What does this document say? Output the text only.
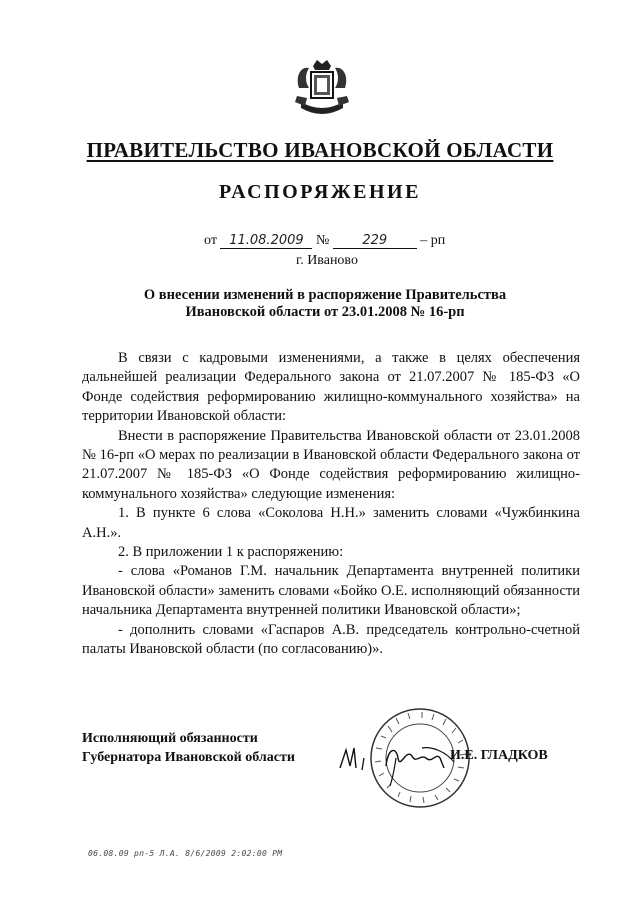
ПРАВИТЕЛЬСТВО ИВАНОВСКОЙ ОБЛАСТИ
РАСПОРЯЖЕНИЕ
от 11.08.2009 №	229 – рп
г. Иваново
О внесении изменений в распоряжение Правительства
Ивановской области от 23.01.2008 № 16-рп

В связи с кадровыми изменениями, а также в целях обеспечения дальнейшей реализации Федерального закона от 21.07.2007 № 185-ФЗ «О Фонде содействия реформированию жилищно-коммунального хозяйства» на территории Ивановской области:

Внести в распоряжение Правительства Ивановской области от 23.01.2008 № 16-рп «О мерах по реализации в Ивановской области Федерального закона от 21.07.2007 № 185-ФЗ «О Фонде содействия реформированию жилищно-коммунального хозяйства» следующие изменения:

1. В пункте 6 слова «Соколова Н.Н.» заменить словами «Чужбинкина А.Н.».

2. В приложении 1 к распоряжению:

- слова «Романов Г.М. начальник Департамента внутренней политики Ивановской области» заменить словами «Бойко О.Е. исполняющий обязанности начальника Департамента внутренней политики Ивановской области»;

- дополнить словами «Гаспаров А.В. председатель контрольно-счетной палаты Ивановской области (по согласованию)».

Исполняющий обязанности
Губернатора Ивановской области	И.Е. ГЛАДКОВ
06.08.09 рп-5 Л.А. 8/6/2009 2:02:00 PM
